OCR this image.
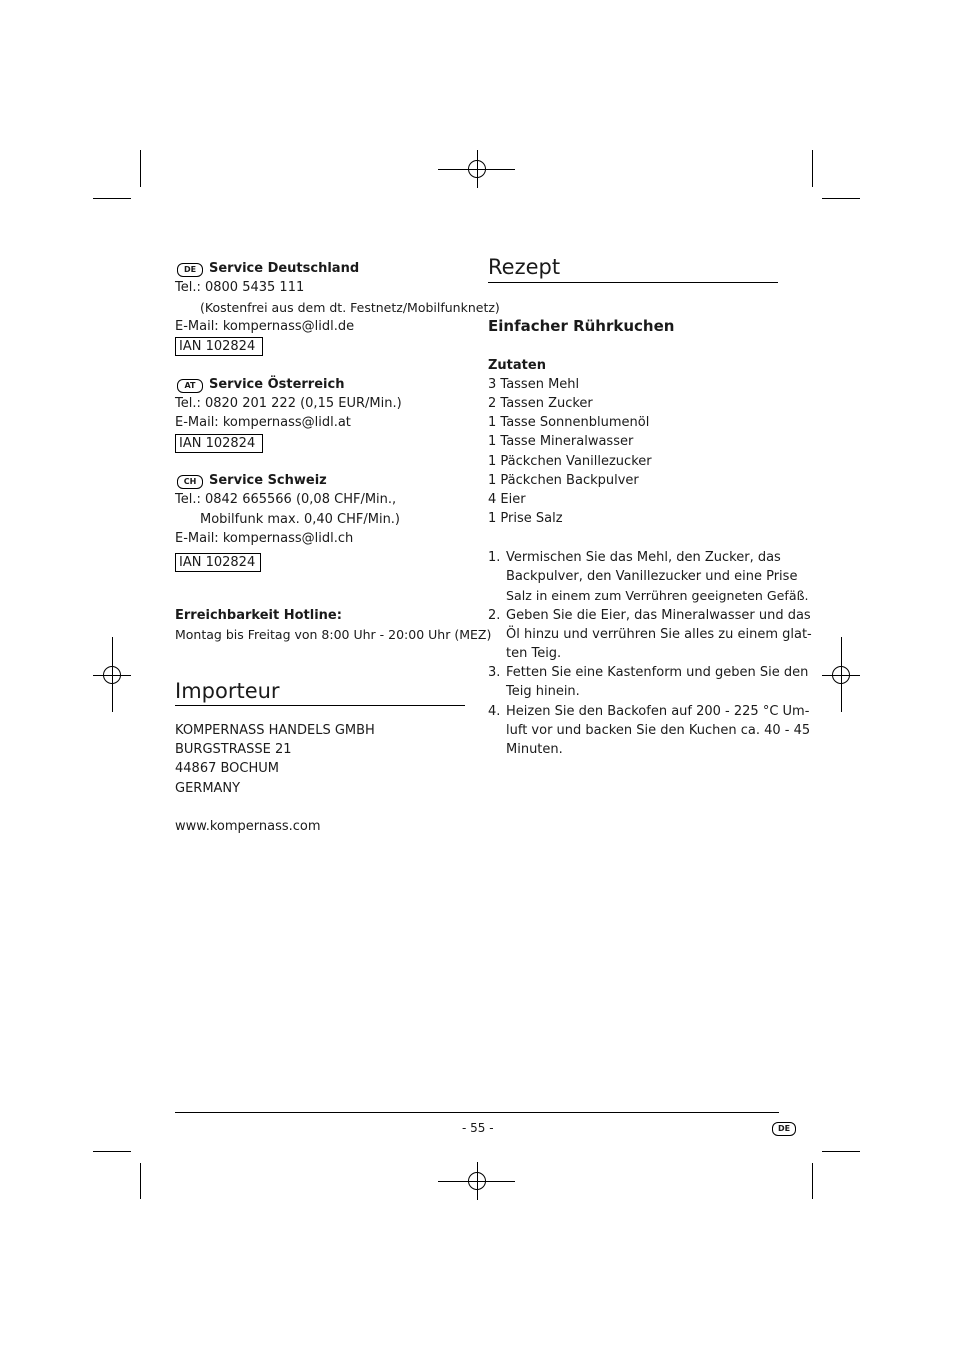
DE Service Deutschland
Tel.: 0800 5435 111
(Kostenfrei aus dem dt. Festnetz/Mobilfunknetz)
E-Mail: kompernass@lidl.de
IAN 102824
AT	Service Österreich
Tel.: 0820 201 222 (0,15 EUR/Min.)
E-Mail: kompernass@lidl.at
IAN 102824
CH Service Schweiz
Tel.: 0842 665566 (0,08 CHF/Min.,
Mobilfunk max. 0,40 CHF/Min.)
E-Mail: kompernass@lidl.ch
IAN 102824
Erreichbarkeit Hotline:
Montag bis Freitag von 8:00 Uhr - 20:00 Uhr (MEZ)
Importeur
KOMPERNASS HANDELS GMBH
BURGSTRASSE 21
44867 BOCHUM
GERMANY
www.kompernass.com
Rezept
Einfacher Rührkuchen
Zutaten
3 Tassen Mehl
2 Tassen Zucker
1 Tasse Sonnenblumenöl
1 Tasse Mineralwasser
1 Päckchen Vanillezucker
1 Päckchen Backpulver
4 Eier
1 Prise Salz
1. Vermischen Sie das Mehl, den Zucker, das
Backpulver, den Vanillezucker und eine Prise
Salz in einem zum Verrühren geeigneten Gefäß.
2. Geben Sie die Eier, das Mineralwasser und das
Öl hinzu und verrühren Sie alles zu einem glat-
ten Teig.
3. Fetten Sie eine Kastenform und geben Sie den
Teig hinein.
4. Heizen Sie den Backofen auf 200 - 225 °C Um-
luft vor und backen Sie den Kuchen ca. 40 - 45
Minuten.
- 55 -	DE
